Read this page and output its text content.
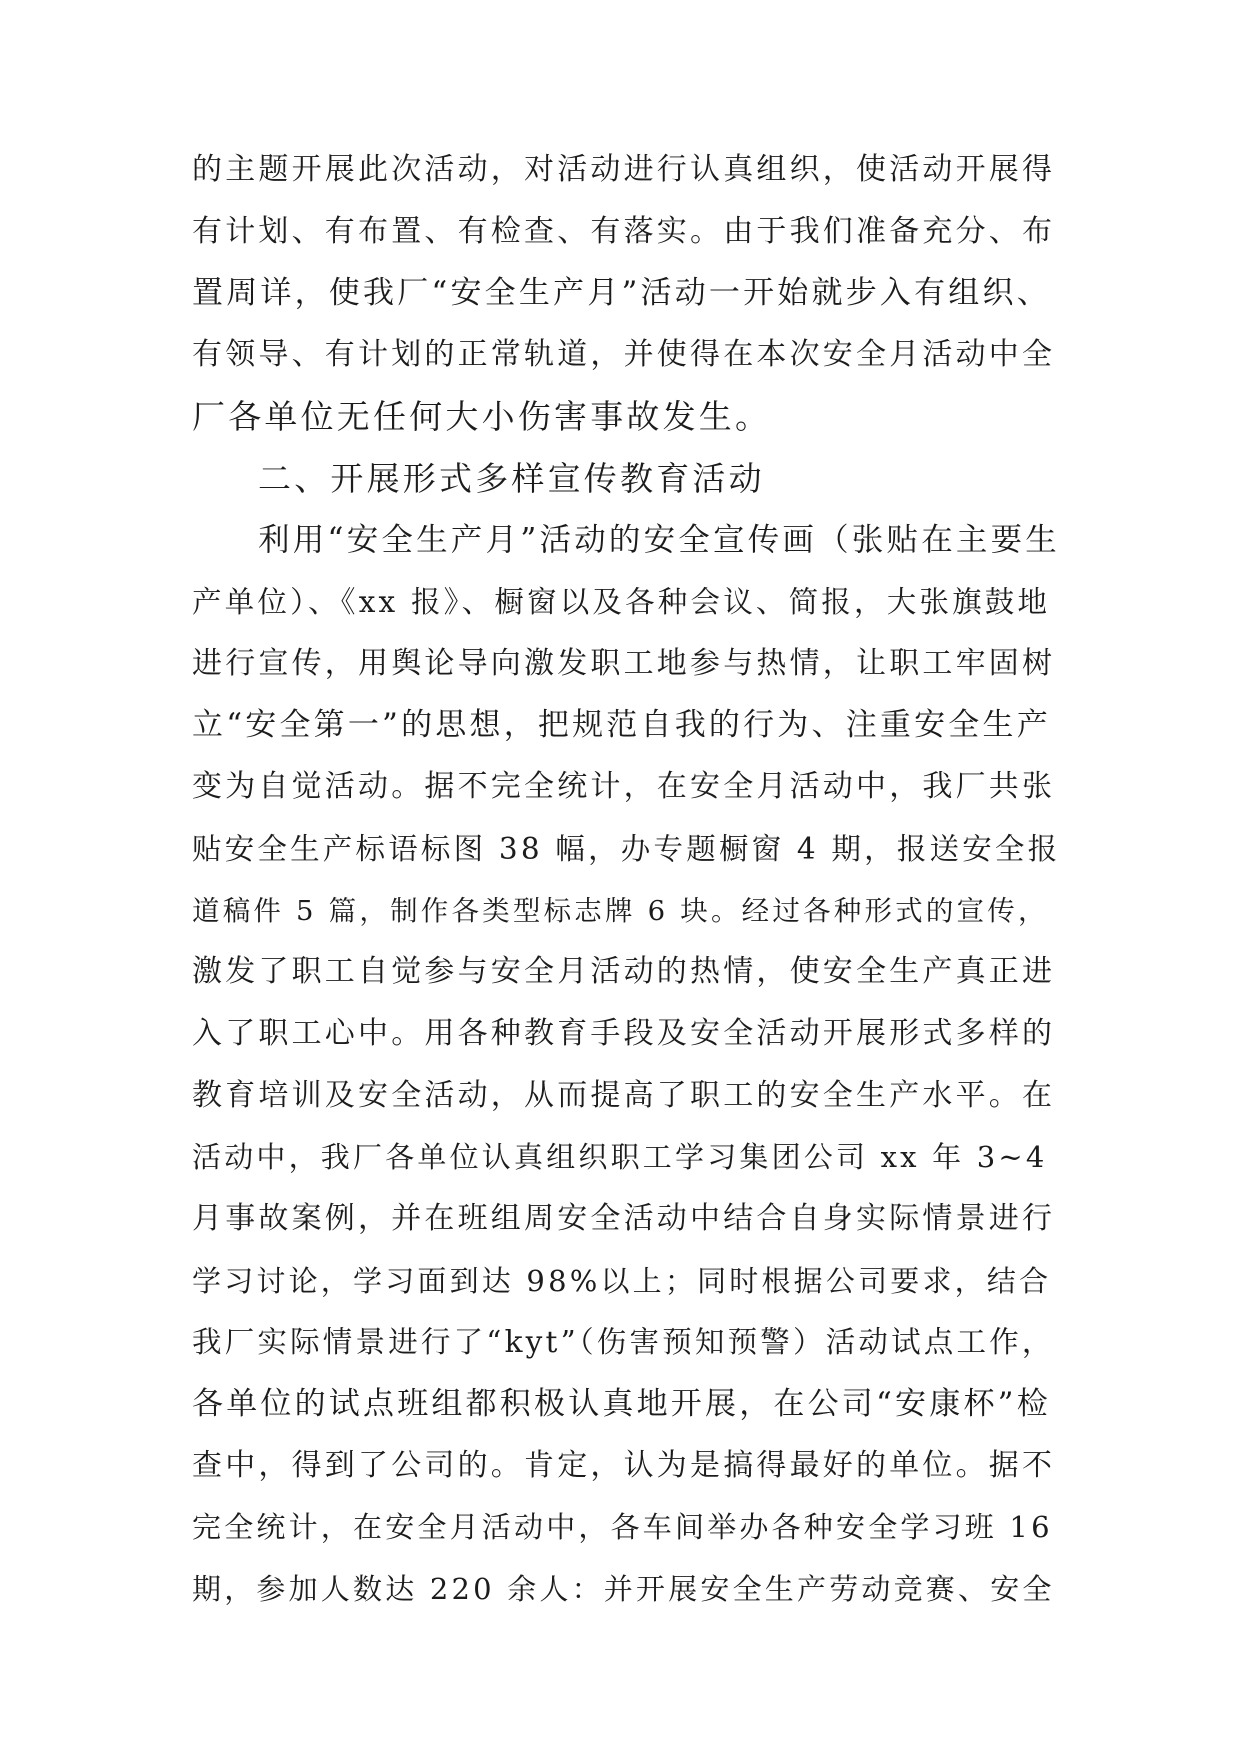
的主题开展此次活动，对活动进行认真组织，使活动开展得
有计划、有布置、有检查、有落实。由于我们准备充分、布
置周详，使我厂“安全生产月”活动一开始就步入有组织、
有领导、有计划的正常轨道，并使得在本次安全月活动中全
厂各单位无任何大小伤害事故发生。
二、开展形式多样宣传教育活动
利用“安全生产月”活动的安全宣传画（张贴在主要生
产单位）、《xx 报》、橱窗以及各种会议、简报，大张旗鼓地
进行宣传，用舆论导向激发职工地参与热情，让职工牢固树
立“安全第一”的思想，把规范自我的行为、注重安全生产
变为自觉活动。据不完全统计，在安全月活动中，我厂共张
贴安全生产标语标图 38 幅，办专题橱窗 4 期，报送安全报
道稿件 5 篇，制作各类型标志牌 6 块。经过各种形式的宣传，
激发了职工自觉参与安全月活动的热情，使安全生产真正进
入了职工心中。用各种教育手段及安全活动开展形式多样的
教育培训及安全活动，从而提高了职工的安全生产水平。在
活动中，我厂各单位认真组织职工学习集团公司 xx 年 3~4
月事故案例，并在班组周安全活动中结合自身实际情景进行
学习讨论，学习面到达 98%以上；同时根据公司要求，结合
我厂实际情景进行了“kyt”（伤害预知预警）活动试点工作，
各单位的试点班组都积极认真地开展，在公司“安康杯”检
查中，得到了公司的。肯定，认为是搞得最好的单位。据不
完全统计，在安全月活动中，各车间举办各种安全学习班 16
期，参加人数达 220 余人：并开展安全生产劳动竞赛、安全
